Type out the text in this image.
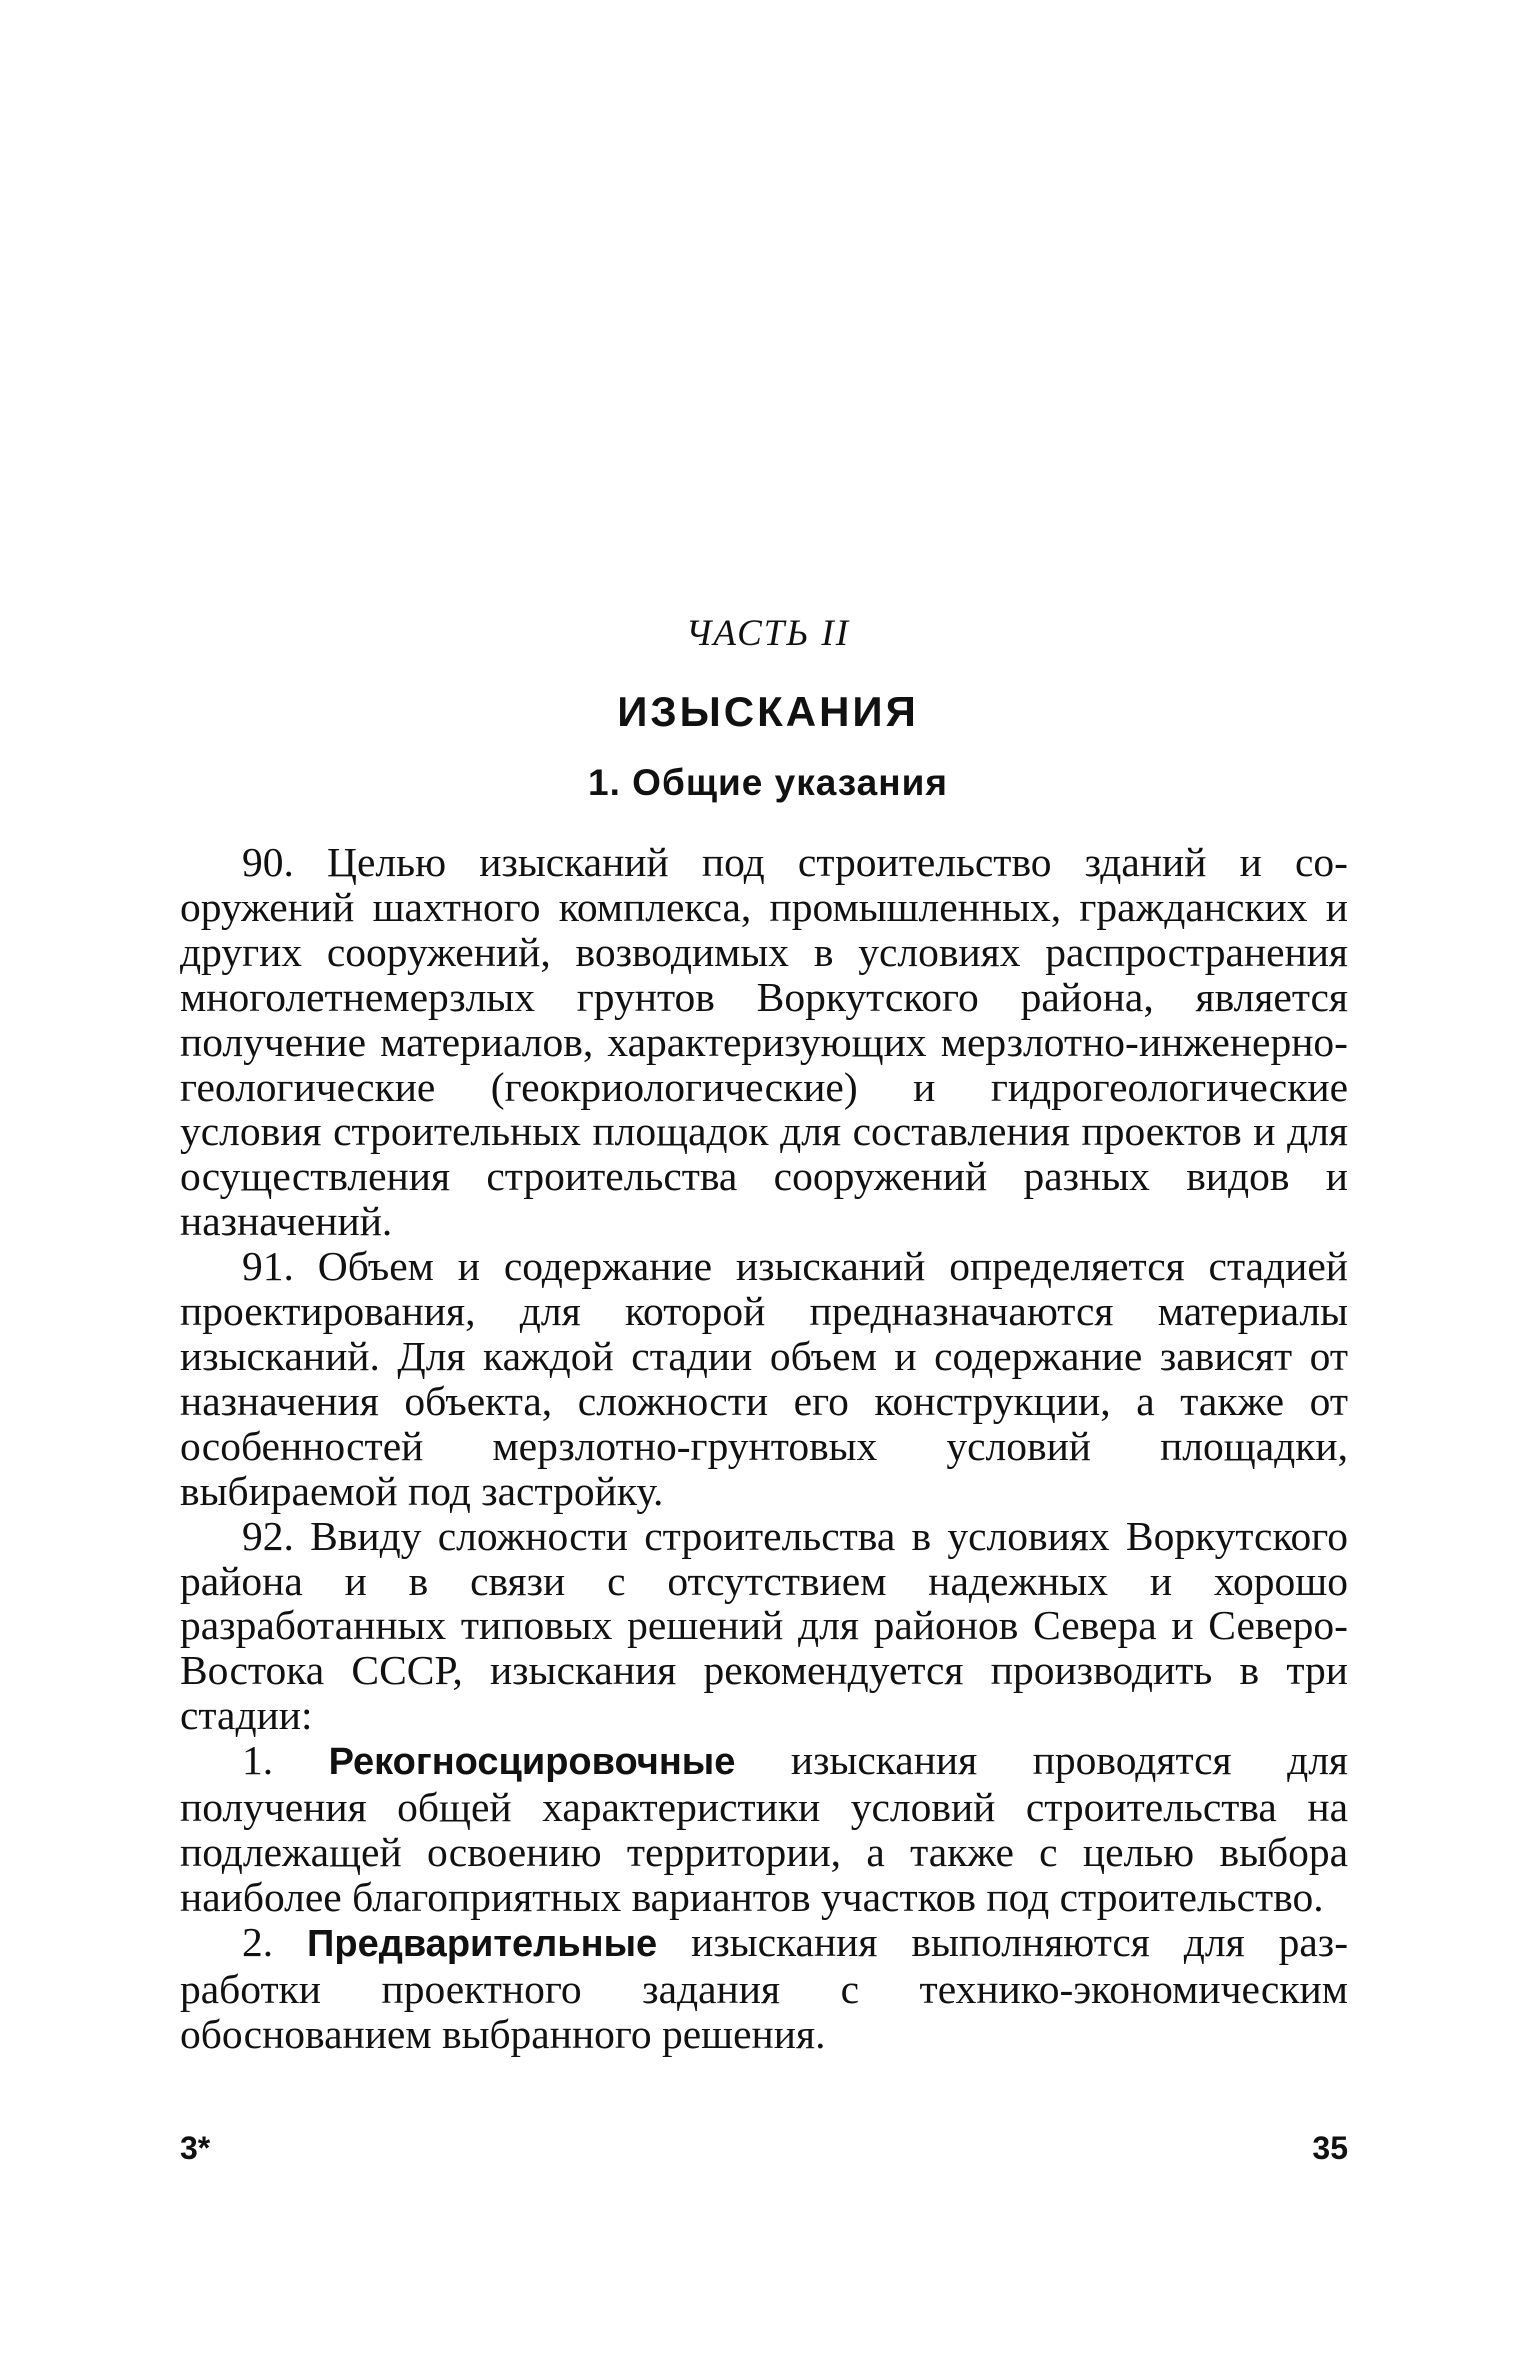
ЧАСТЬ II
ИЗЫСКАНИЯ
1. Общие указания

90. Целью изысканий под строительство зданий и сооружений шахтного комплекса, промышленных, гражданских и других сооружений, возводимых в условиях распространения многолетнемерзлых грунтов Воркутского района, является получение материалов, характеризующих мерзлотно-инженерно-геологические (геокриологические) и гидрогеологические условия строительных площадок для составления проектов и для осуществления строительства сооружений разных видов и назначений.

91. Объем и содержание изысканий определяется стадией проектирования, для которой предназначаются материалы изысканий. Для каждой стадии объем и содержание зависят от назначения объекта, сложности его конструкции, а также от особенностей мерзлотно-грунтовых условий площадки, выбираемой под застройку.

92. Ввиду сложности строительства в условиях Воркутского района и в связи с отсутствием надежных и хорошо разработанных типовых решений для районов Севера и Северо-Востока СССР, изыскания рекомендуется производить в три стадии:

1. Рекогносцировочные изыскания проводятся для получения общей характеристики условий строительства на подлежащей освоению территории, а также с целью выбора наиболее благоприятных вариантов участков под строительство.

2. Предварительные изыскания выполняются для разработки проектного задания с технико-экономическим обоснованием выбранного решения.

3*	35
